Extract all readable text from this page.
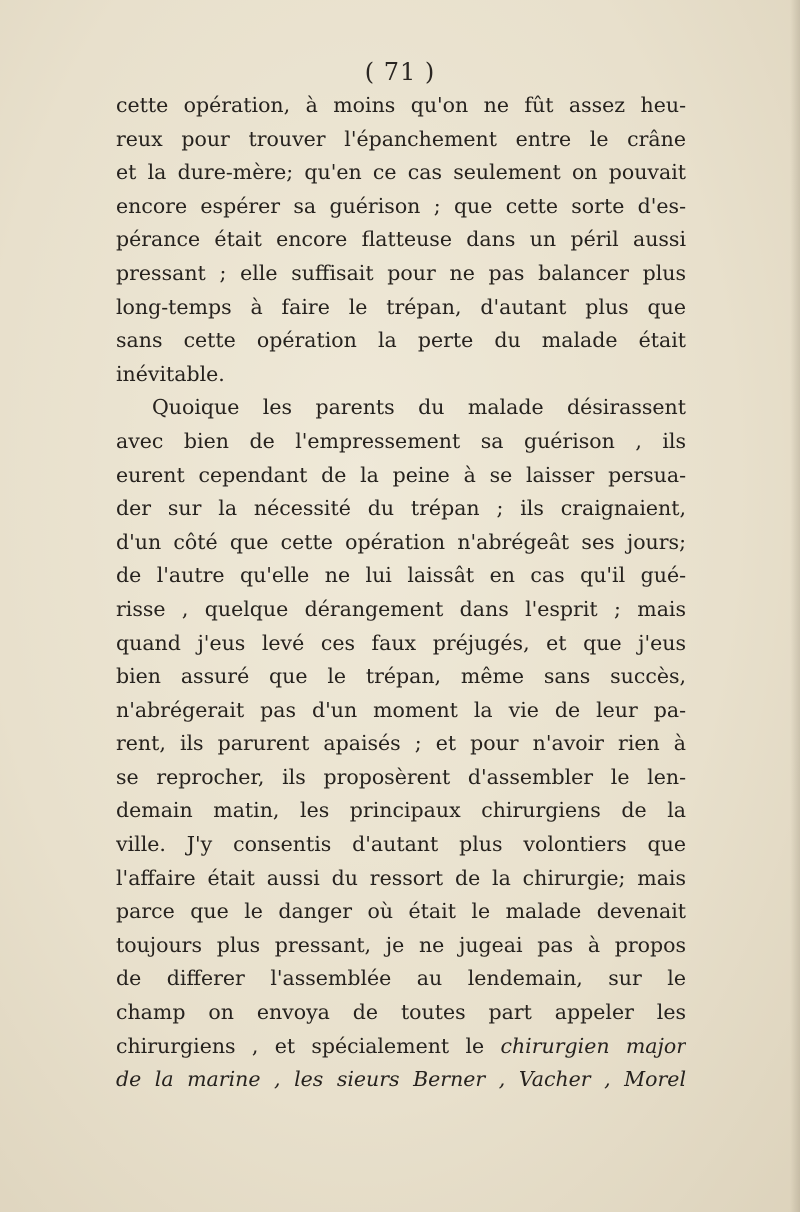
( 71 )
cette opération, à moins qu'on ne fût assez heu-
reux pour trouver l'épanchement entre le crâne
et la dure-mère; qu'en ce cas seulement on pouvait
encore espérer sa guérison ; que cette sorte d'es-
pérance était encore flatteuse dans un péril aussi
pressant ; elle suffisait pour ne pas balancer plus
long-temps à faire le trépan, d'autant plus que
sans cette opération la perte du malade était
inévitable.
Quoique les parents du malade désirassent
avec bien de l'empressement sa guérison , ils
eurent cependant de la peine à se laisser persua-
der sur la nécessité du trépan ; ils craignaient,
d'un côté que cette opération n'abrégeât ses jours;
de l'autre qu'elle ne lui laissât en cas qu'il gué-
risse , quelque dérangement dans l'esprit ; mais
quand j'eus levé ces faux préjugés, et que j'eus
bien assuré que le trépan, même sans succès,
n'abrégerait pas d'un moment la vie de leur pa-
rent, ils parurent apaisés ; et pour n'avoir rien à
se reprocher, ils proposèrent d'assembler le len-
demain matin, les principaux chirurgiens de la
ville. J'y consentis d'autant plus volontiers que
l'affaire était aussi du ressort de la chirurgie; mais
parce que le danger où était le malade devenait
toujours plus pressant, je ne jugeai pas à propos
de differer l'assemblée au lendemain, sur le
champ on envoya de toutes part appeler les
chirurgiens , et spécialement le chirurgien major
de la marine , les sieurs Berner , Vacher , Morel
